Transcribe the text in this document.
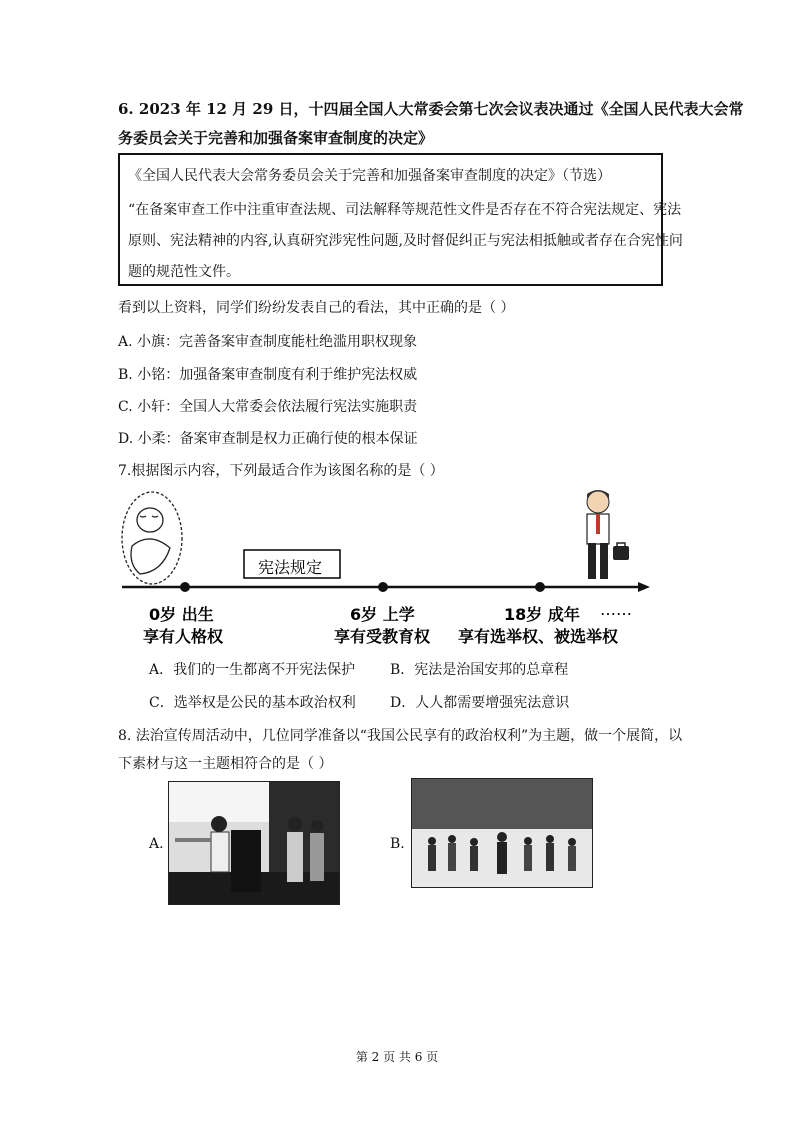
6. 2023 年 12 月 29 日，十四届全国人大常委会第七次会议表决通过《全国人民代表大会常
务委员会关于完善和加强备案审查制度的决定》
《全国人民代表大会常务委员会关于完善和加强备案审查制度的决定》（节选）
“在备案审查工作中注重审查法规、司法解释等规范性文件是否存在不符合宪法规定、宪法
原则、宪法精神的内容,认真研究涉宪性问题,及时督促纠正与宪法相抵触或者存在合宪性问
题的规范性文件。
看到以上资料，同学们纷纷发表自己的看法，其中正确的是（ ）
A. 小旗：完善备案审查制度能杜绝滥用职权现象
B. 小铭：加强备案审查制度有利于维护宪法权威
C. 小轩：全国人大常委会依法履行宪法实施职责
D. 小柔：备案审查制是权力正确行使的根本保证
7.根据图示内容，下列最适合作为该图名称的是（ ）
宪法规定
……
0岁 出生
享有人格权
6岁 上学
享有受教育权
18岁 成年
享有选举权、被选举权
A．我们的一生都离不开宪法保护 B．宪法是治国安邦的总章程
C．选举权是公民的基本政治权利 D．人人都需要增强宪法意识
8. 法治宣传周活动中，几位同学准备以“我国公民享有的政治权利”为主题，做一个展简，以
下素材与这一主题相符合的是（ ）
A.	B.
第 2 页 共 6 页
